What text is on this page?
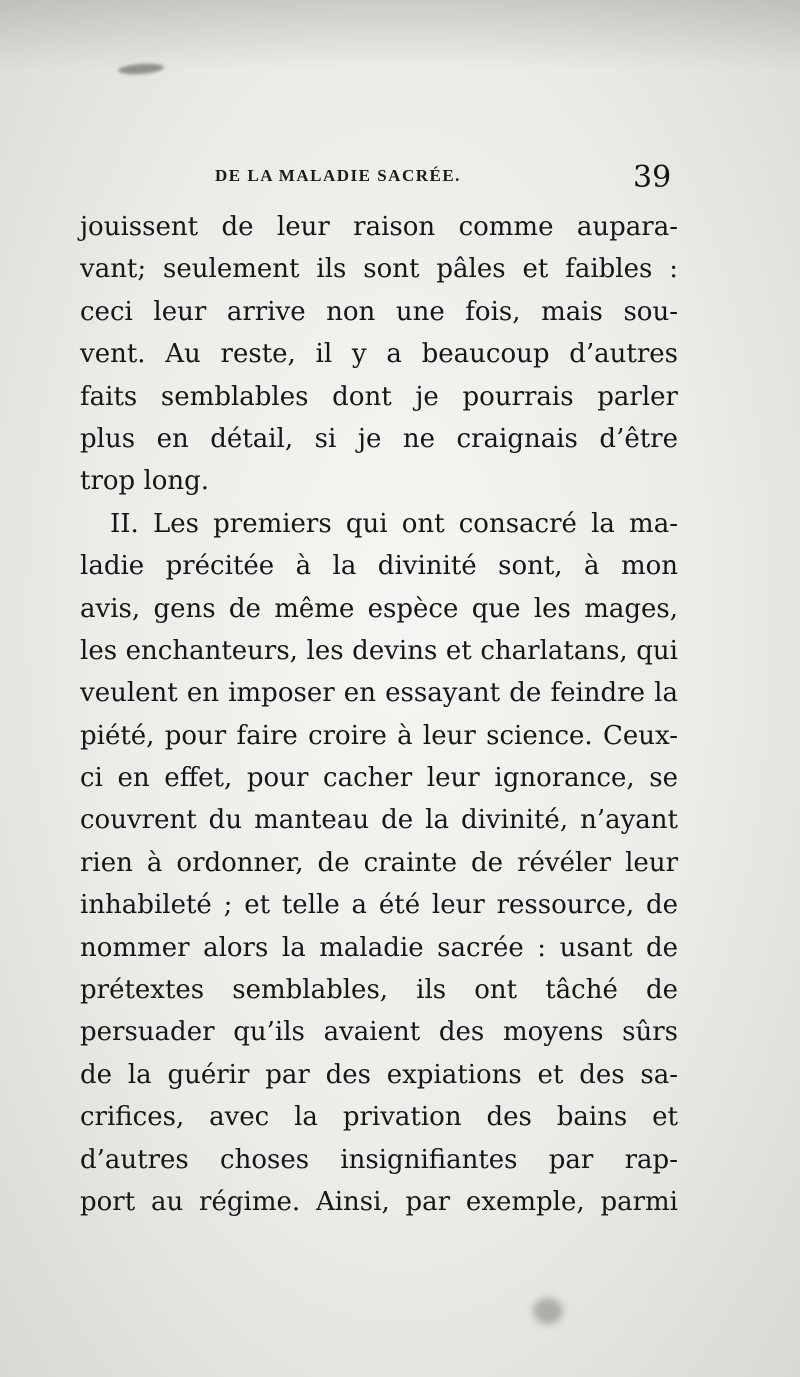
DE LA MALADIE SACRÉE.	39
jouissent de leur raison comme aupara-
vant; seulement ils sont pâles et faibles :
ceci leur arrive non une fois, mais sou-
vent. Au reste, il y a beaucoup d’autres
faits semblables dont je pourrais parler
plus en détail, si je ne craignais d’être
trop long.
II. Les premiers qui ont consacré la ma-
ladie précitée à la divinité sont, à mon
avis, gens de même espèce que les mages,
les enchanteurs, les devins et charlatans, qui
veulent en imposer en essayant de feindre la
piété, pour faire croire à leur science. Ceux-
ci en effet, pour cacher leur ignorance, se
couvrent du manteau de la divinité, n’ayant
rien à ordonner, de crainte de révéler leur
inhabileté ; et telle a été leur ressource, de
nommer alors la maladie sacrée : usant de
prétextes semblables, ils ont tâché de
persuader qu’ils avaient des moyens sûrs
de la guérir par des expiations et des sa-
crifices, avec la privation des bains et
d’autres choses insignifiantes par rap-
port au régime. Ainsi, par exemple, parmi
